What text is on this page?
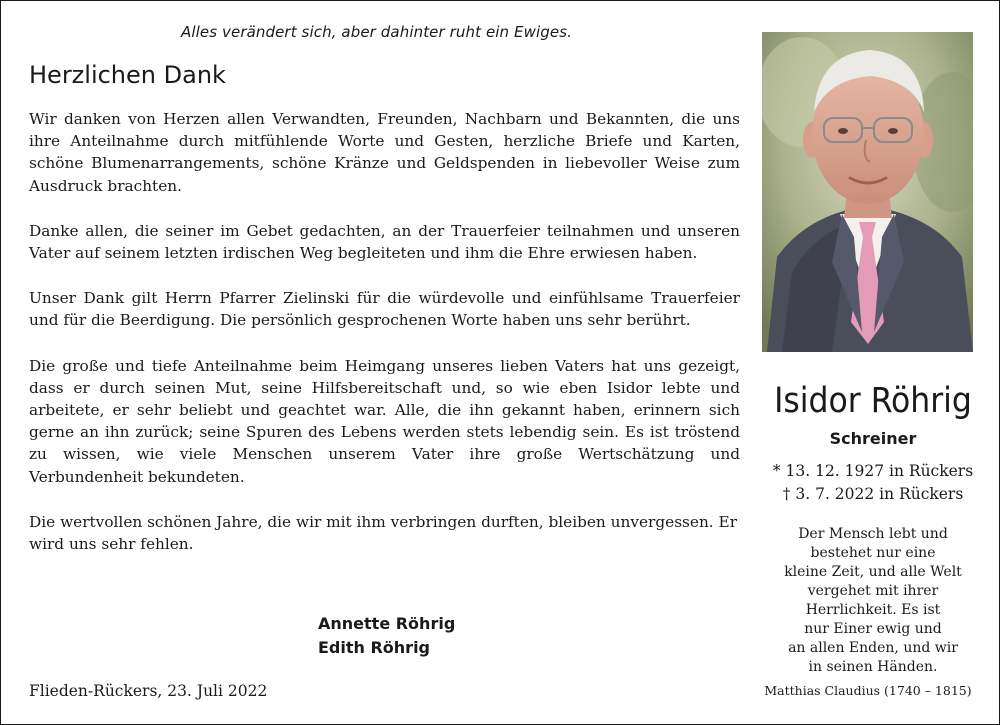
Alles verändert sich, aber dahinter ruht ein Ewiges.
Herzlichen Dank

Wir danken von Herzen allen Verwandten, Freunden, Nachbarn und Bekannten, die uns ihre Anteilnahme durch mitfühlende Worte und Gesten, herzliche Briefe und Karten, schöne Blumenarrangements, schöne Kränze und Geldspenden in liebevoller Weise zum Ausdruck brachten.

Danke allen, die seiner im Gebet gedachten, an der Trauerfeier teilnahmen und unseren Vater auf seinem letzten irdischen Weg begleiteten und ihm die Ehre erwiesen haben.

Unser Dank gilt Herrn Pfarrer Zielinski für die würdevolle und einfühlsame Trauerfeier und für die Beerdigung. Die persönlich gesprochenen Worte haben uns sehr berührt.

Die große und tiefe Anteilnahme beim Heimgang unseres lieben Vaters hat uns gezeigt, dass er durch seinen Mut, seine Hilfsbereitschaft und, so wie eben Isidor lebte und arbeitete, er sehr beliebt und geachtet war. Alle, die ihn gekannt haben, erinnern sich gerne an ihn zurück; seine Spuren des Lebens werden stets lebendig sein. Es ist tröstend zu wissen, wie viele Menschen unserem Vater ihre große Wertschätzung und Verbundenheit bekundeten.

Die wertvollen schönen Jahre, die wir mit ihm verbringen durften, bleiben unvergessen. Er wird uns sehr fehlen.

Annette Röhrig
Edith Röhrig
Flieden-Rückers, 23. Juli 2022
Isidor Röhrig
Schreiner
* 13. 12. 1927 in Rückers
† 3. 7. 2022 in Rückers
Der Mensch lebt und
bestehet nur eine
kleine Zeit, und alle Welt
vergehet mit ihrer
Herrlichkeit. Es ist
nur Einer ewig und
an allen Enden, und wir
in seinen Händen.
Matthias Claudius (1740 – 1815)
